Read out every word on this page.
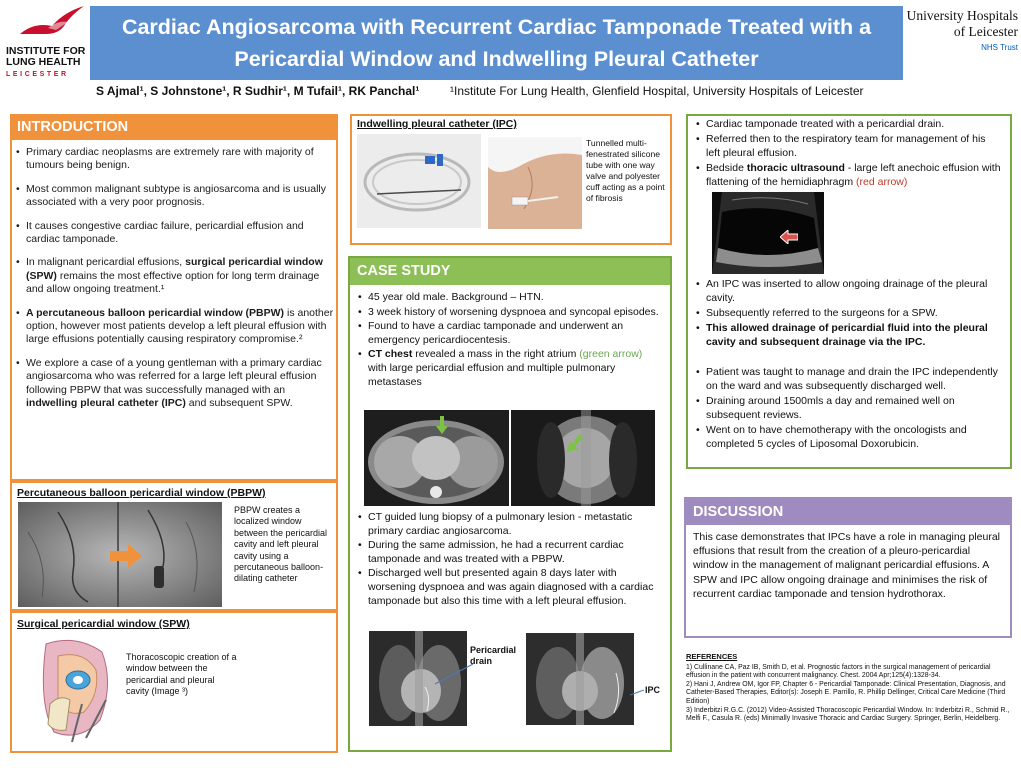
INSTITUTE FOR
LUNG HEALTH
LEICESTER
Cardiac Angiosarcoma with Recurrent Cardiac Tamponade Treated with a
Pericardial Window and Indwelling Pleural Catheter
University Hospitals
of Leicester
NHS Trust
S Ajmal¹, S Johnstone¹, R Sudhir¹, M Tufail¹, RK Panchal¹	¹Institute For Lung Health, Glenfield Hospital, University Hospitals of Leicester
INTRODUCTION
• Primary cardiac neoplasms are extremely rare with majority of tumours being benign.
• Most common malignant subtype is angiosarcoma and is usually associated with a very poor prognosis.
• It causes congestive cardiac failure, pericardial effusion and cardiac tamponade.
• In malignant pericardial effusions, surgical pericardial window (SPW) remains the most effective option for long term drainage and allow ongoing treatment.¹
• A percutaneous balloon pericardial window (PBPW) is another option, however most patients develop a left pleural effusion with large effusions potentially causing respiratory compromise.²
• We explore a case of a young gentleman with a primary cardiac angiosarcoma who was referred for a large left pleural effusion following PBPW that was successfully managed with an indwelling pleural catheter (IPC) and subsequent SPW.
Percutaneous balloon pericardial window (PBPW)
PBPW creates a localized window between the pericardial cavity and left pleural cavity using a percutaneous balloon-dilating catheter
Surgical pericardial window (SPW)
Thoracoscopic creation of a window between the pericardial and pleural cavity (Image ³)
Indwelling pleural catheter (IPC)
Tunnelled multi-fenestrated silicone tube with one way valve and polyester cuff acting as a point of fibrosis
CASE STUDY
• 45 year old male. Background – HTN.
• 3 week history of worsening dyspnoea and syncopal episodes.
• Found to have a cardiac tamponade and underwent an emergency pericardiocentesis.
• CT chest revealed a mass in the right atrium (green arrow) with large pericardial effusion and multiple pulmonary metastases
• CT guided lung biopsy of a pulmonary lesion - metastatic primary cardiac angiosarcoma.
• During the same admission, he had a recurrent cardiac tamponade and was treated with a PBPW.
• Discharged well but presented again 8 days later with worsening dyspnoea and was again diagnosed with a cardiac tamponade but also this time with a left pleural effusion.
Pericardial drain
IPC
• Cardiac tamponade treated with a pericardial drain.
• Referred then to the respiratory team for management of his left pleural effusion.
• Bedside thoracic ultrasound - large left anechoic effusion with flattening of the hemidiaphragm (red arrow)
• An IPC was inserted to allow ongoing drainage of the pleural cavity.
• Subsequently referred to the surgeons for a SPW.
• This allowed drainage of pericardial fluid into the pleural cavity and subsequent drainage via the IPC.
• Patient was taught to manage and drain the IPC independently on the ward and was subsequently discharged well.
• Draining around 1500mls a day and remained well on subsequent reviews.
• Went on to have chemotherapy with the oncologists and completed 5 cycles of Liposomal Doxorubicin.
DISCUSSION
This case demonstrates that IPCs have a role in managing pleural effusions that result from the creation of a pleuro-pericardial window in the management of malignant pericardial effusions. A SPW and IPC allow ongoing drainage and minimises the risk of recurrent cardiac tamponade and tension hydrothorax.
REFERENCES
1) Cullinane CA, Paz IB, Smith D, et al. Prognostic factors in the surgical management of pericardial effusion in the patient with concurrent malignancy. Chest. 2004 Apr;125(4):1328-34.
2) Hani J, Andrew OM, Igor FP, Chapter 6 - Pericardial Tamponade: Clinical Presentation, Diagnosis, and Catheter-Based Therapies, Editor(s): Joseph E. Parrillo, R. Phillip Dellinger, Critical Care Medicine (Third Edition)
3) Inderbitzi R.G.C. (2012) Video-Assisted Thoracoscopic Pericardial Window. In: Inderbitzi R., Schmid R., Melfi F., Casula R. (eds) Minimally Invasive Thoracic and Cardiac Surgery. Springer, Berlin, Heidelberg.
